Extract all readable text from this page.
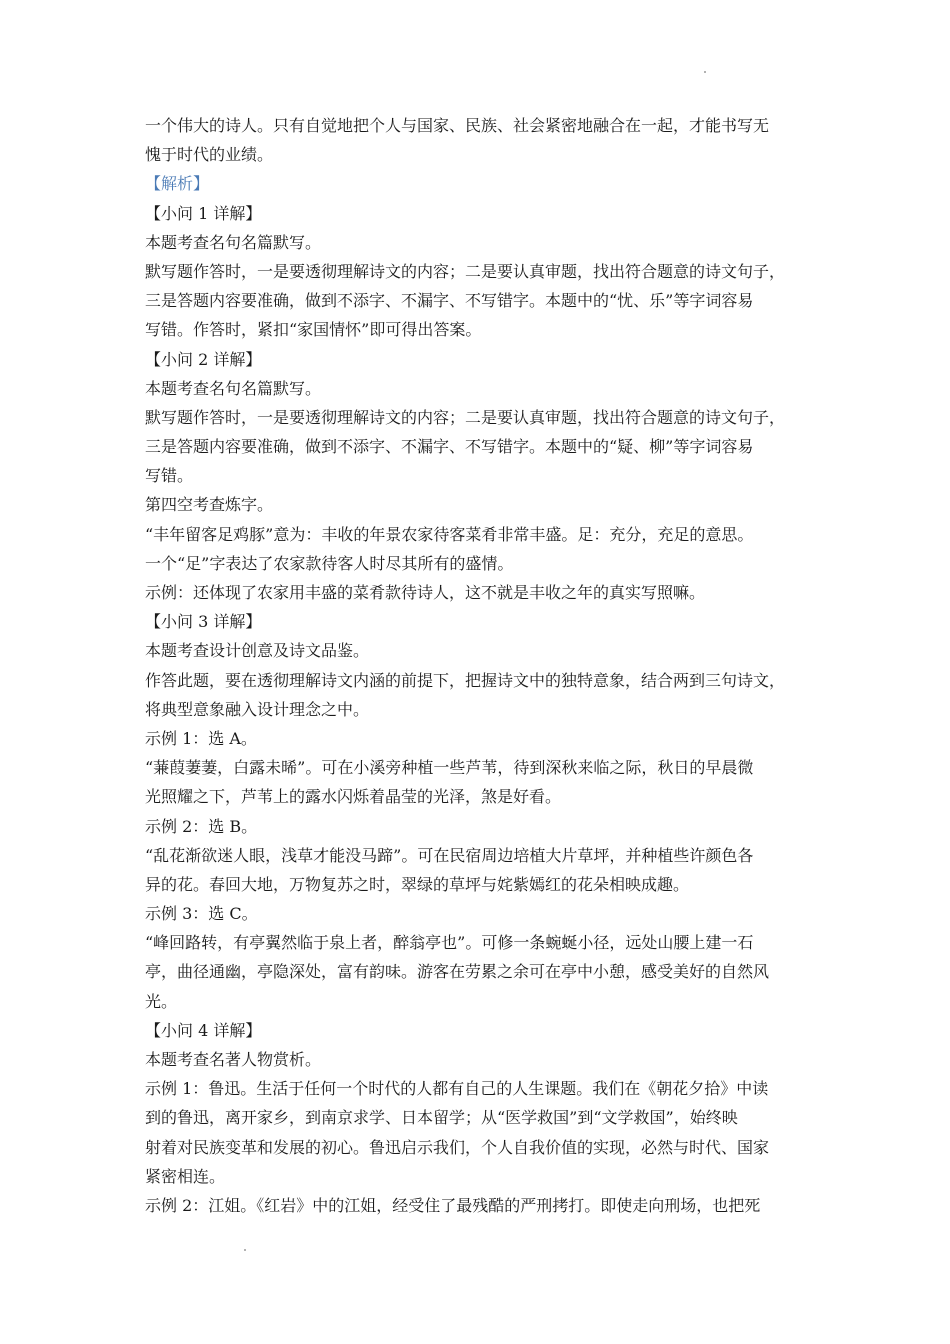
一个伟大的诗人。只有自觉地把个人与国家、民族、社会紧密地融合在一起，才能书写无
愧于时代的业绩。
【解析】
【小问 1 详解】
本题考查名句名篇默写。
默写题作答时，一是要透彻理解诗文的内容；二是要认真审题，找出符合题意的诗文句子，
三是答题内容要准确，做到不添字、不漏字、不写错字。本题中的“忧、乐”等字词容易
写错。作答时，紧扣“家国情怀”即可得出答案。
【小问 2 详解】
本题考查名句名篇默写。
默写题作答时，一是要透彻理解诗文的内容；二是要认真审题，找出符合题意的诗文句子，
三是答题内容要准确，做到不添字、不漏字、不写错字。本题中的“疑、柳”等字词容易
写错。
第四空考查炼字。
“丰年留客足鸡豚”意为：丰收的年景农家待客菜肴非常丰盛。足：充分，充足的意思。
一个“足”字表达了农家款待客人时尽其所有的盛情。
示例：还体现了农家用丰盛的菜肴款待诗人，这不就是丰收之年的真实写照嘛。
【小问 3 详解】
本题考查设计创意及诗文品鉴。
作答此题，要在透彻理解诗文内涵的前提下，把握诗文中的独特意象，结合两到三句诗文，
将典型意象融入设计理念之中。
示例 1：选 A。
“蒹葭萋萋，白露未晞”。可在小溪旁种植一些芦苇，待到深秋来临之际，秋日的早晨微
光照耀之下，芦苇上的露水闪烁着晶莹的光泽，煞是好看。
示例 2：选 B。
“乱花渐欲迷人眼，浅草才能没马蹄”。可在民宿周边培植大片草坪，并种植些许颜色各
异的花。春回大地，万物复苏之时，翠绿的草坪与姹紫嫣红的花朵相映成趣。
示例 3：选 C。
“峰回路转，有亭翼然临于泉上者，醉翁亭也”。可修一条蜿蜒小径，远处山腰上建一石
亭，曲径通幽，亭隐深处，富有韵味。游客在劳累之余可在亭中小憩，感受美好的自然风
光。
【小问 4 详解】
本题考查名著人物赏析。
示例 1：鲁迅。生活于任何一个时代的人都有自己的人生课题。我们在《朝花夕拾》中读
到的鲁迅，离开家乡，到南京求学、日本留学；从“医学救国”到“文学救国”，始终映
射着对民族变革和发展的初心。鲁迅启示我们，个人自我价值的实现，必然与时代、国家
紧密相连。
示例 2：江姐。《红岩》中的江姐，经受住了最残酷的严刑拷打。即使走向刑场，也把死
